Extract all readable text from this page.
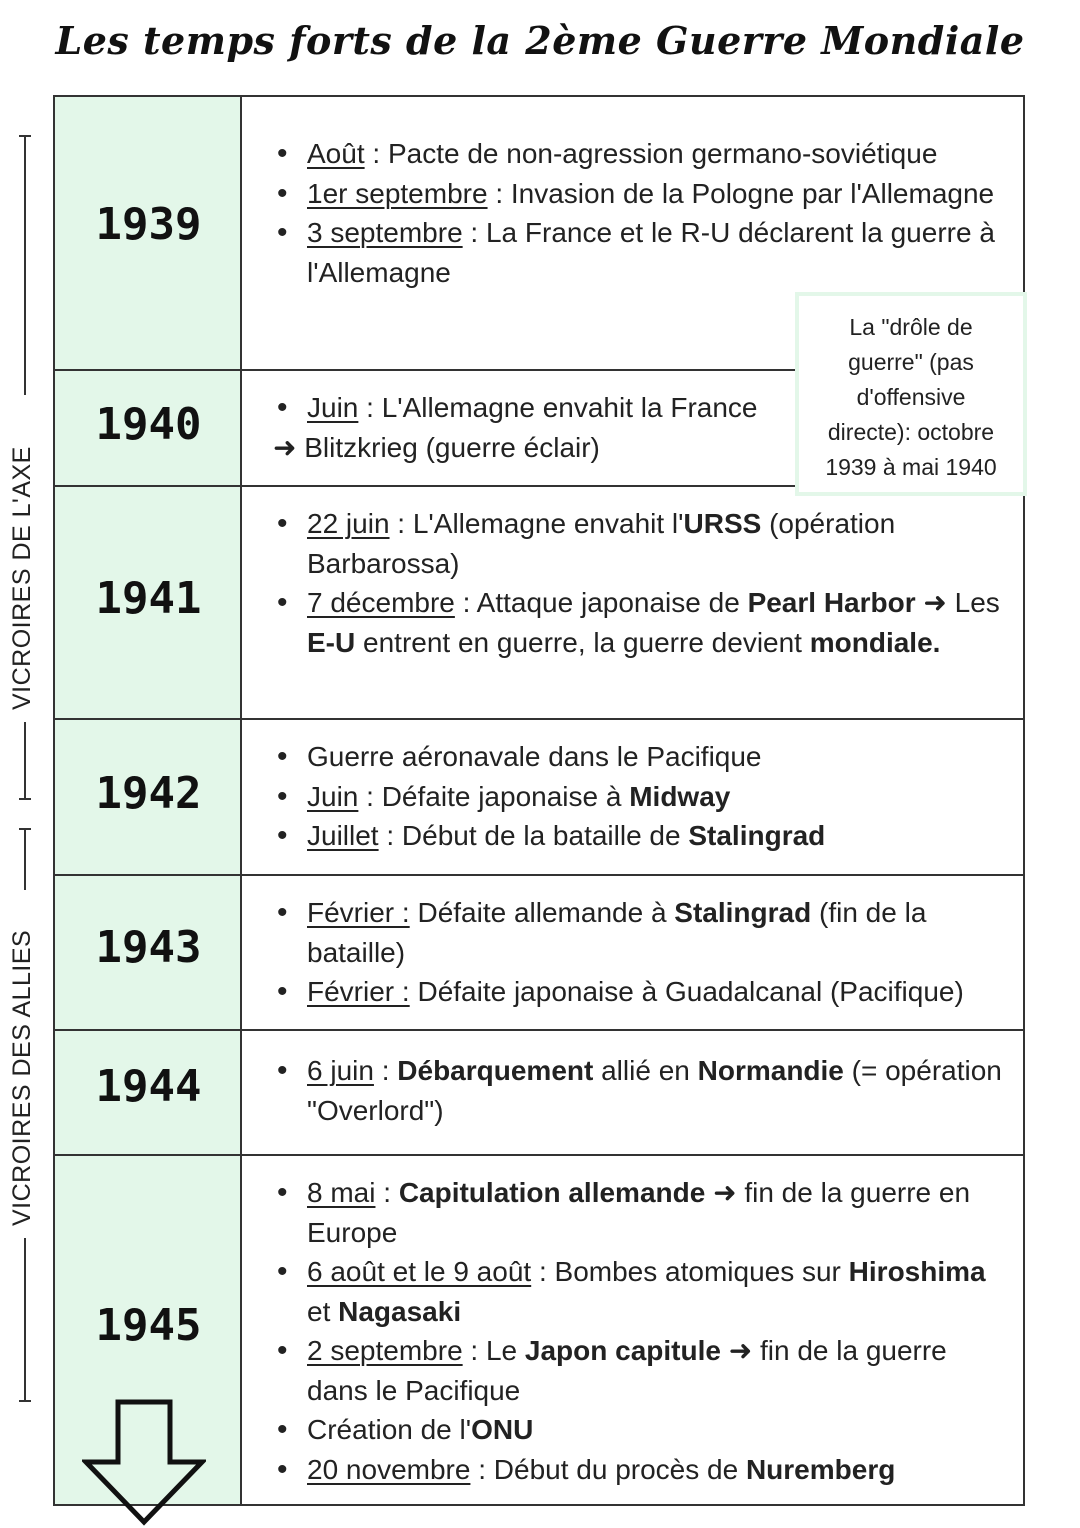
Les temps forts de la 2ème Guerre Mondiale
VICROIRES DE L'AXE
VICROIRES DES ALLIES
1939
• Août : Pacte de non-agression germano-soviétique
• 1er septembre : Invasion de la Pologne par l'Allemagne
• 3 septembre : La France et le R-U déclarent la guerre à l'Allemagne
1940	• Juin : L'Allemagne envahit la France
➜ Blitzkrieg (guerre éclair)
1941
• 22 juin : L'Allemagne envahit l'URSS (opération Barbarossa)
• 7 décembre : Attaque japonaise de Pearl Harbor ➜ Les E-U entrent en guerre, la guerre devient mondiale.
1942
• Guerre aéronavale dans le Pacifique
• Juin : Défaite japonaise à Midway
• Juillet : Début de la bataille de Stalingrad
1943
• Février : Défaite allemande à Stalingrad (fin de la bataille)
• Février : Défaite japonaise à Guadalcanal (Pacifique)
1944	• 6 juin : Débarquement allié en Normandie (= opération "Overlord")
1945
• 8 mai : Capitulation allemande ➜ fin de la guerre en Europe
• 6 août et le 9 août : Bombes atomiques sur Hiroshima et Nagasaki
• 2 septembre : Le Japon capitule ➜ fin de la guerre dans le Pacifique
• Création de l'ONU
• 20 novembre : Début du procès de Nuremberg
La "drôle de
guerre" (pas
d'offensive
directe): octobre
1939 à mai 1940
